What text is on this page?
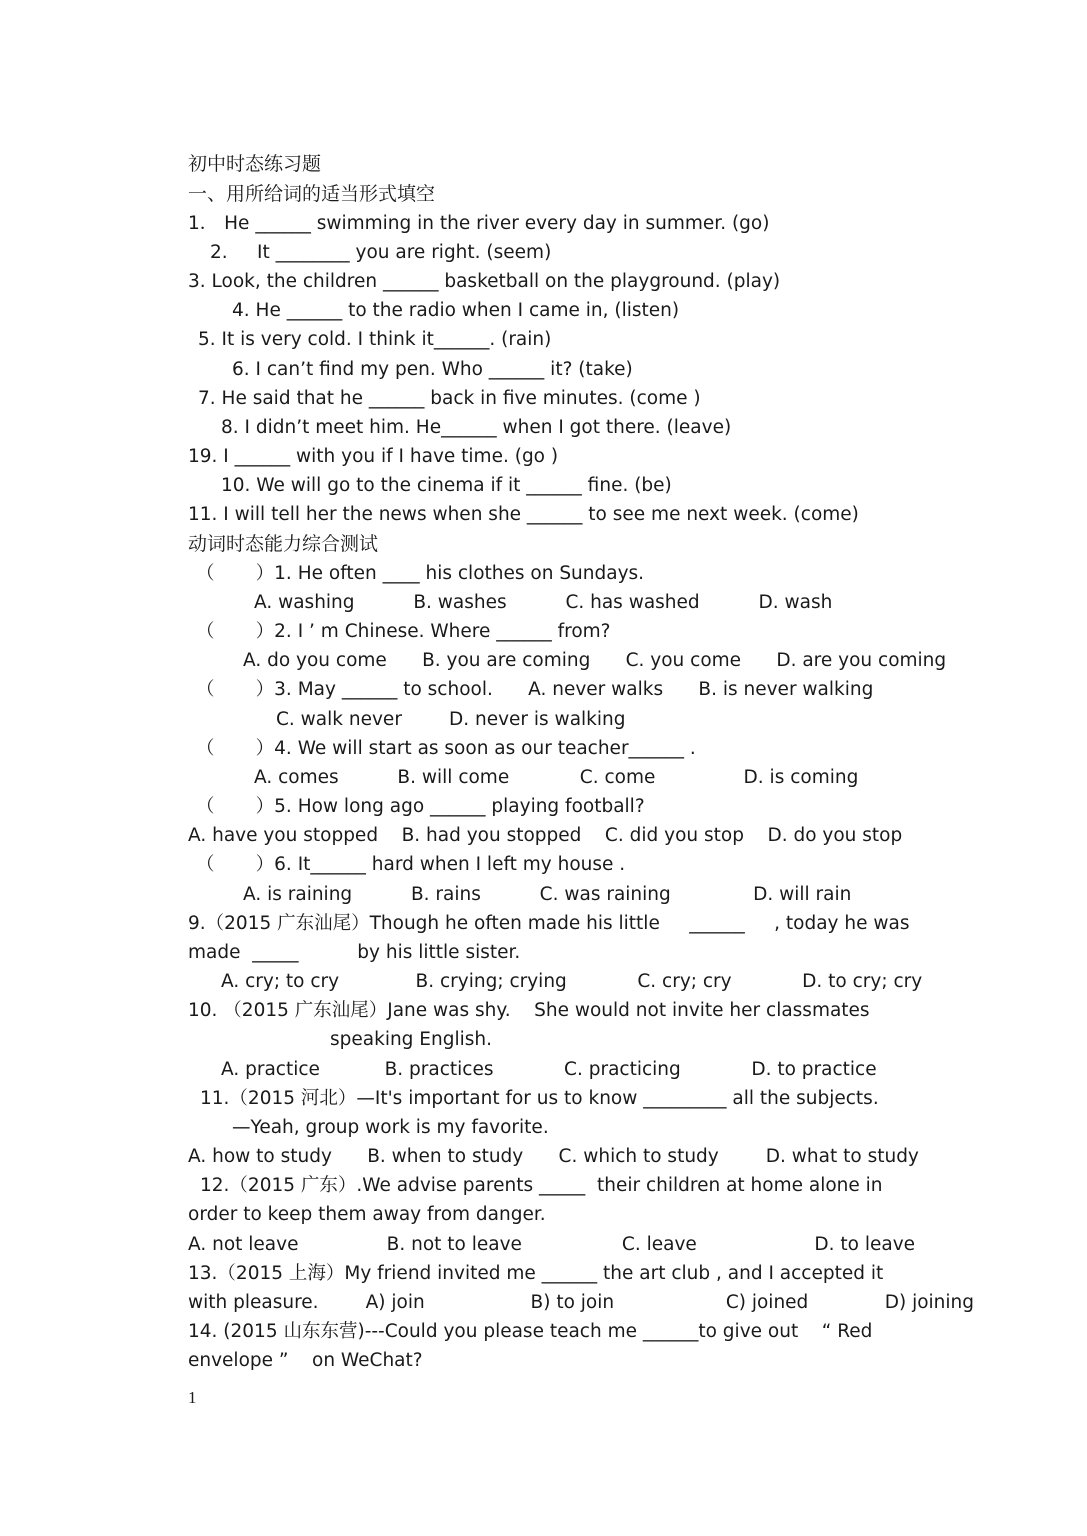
初中时态练习题
一、用所给词的适当形式填空
1． He ______ swimming in the river every day in summer. (go)
2.     It ________ you are right. (seem)
3. Look, the children ______ basketball on the playground. (play)
4. He ______ to the radio when I came in, (listen)
5. It is very cold. I think it______. (rain)
6. I can’t find my pen. Who ______ it? (take)
7. He said that he ______ back in five minutes. (come )
8. I didn’t meet him. He______ when I got there. (leave)
19. I ______ with you if I have time. (go )
10. We will go to the cinema if it ______ fine. (be)
11. I will tell her the news when she ______ to see me next week. (come)
动词时态能力综合测试
（       ）1. He often ____ his clothes on Sundays.
A. washing          B. washes          C. has washed          D. wash
（       ）2. I ’ m Chinese. Where ______ from?
A. do you come      B. you are coming      C. you come      D. are you coming
（       ）3. May ______ to school.      A. never walks      B. is never walking
C. walk never        D. never is walking
（       ）4. We will start as soon as our teacher______ .
A. comes          B. will come            C. come               D. is coming
（       ）5. How long ago ______ playing football?
A. have you stopped    B. had you stopped    C. did you stop    D. do you stop
（       ）6. It______ hard when I left my house .
A. is raining          B. rains          C. was raining              D. will rain
9.（2015 广东汕尾）Though he often made his little     ______     , today he was
made  _____          by his little sister.
A. cry; to cry             B. crying; crying            C. cry; cry            D. to cry; cry
10. （2015 广东汕尾）Jane was shy.    She would not invite her classmates
speaking English.
A. practice           B. practices            C. practicing            D. to practice
11.（2015 河北）—It's important for us to know _________ all the subjects.
—Yeah, group work is my favorite.
A. how to study      B. when to study      C. which to study        D. what to study
12.（2015 广东）.We advise parents _____  their children at home alone in
order to keep them away from danger.
A. not leave               B. not to leave                 C. leave                    D. to leave
13.（2015 上海）My friend invited me ______ the art club , and I accepted it
with pleasure.        A) join                  B) to join                   C) joined             D) joining
14. (2015 山东东营)---Could you please teach me ______to give out    “ Red
envelope ”    on WeChat?
1
